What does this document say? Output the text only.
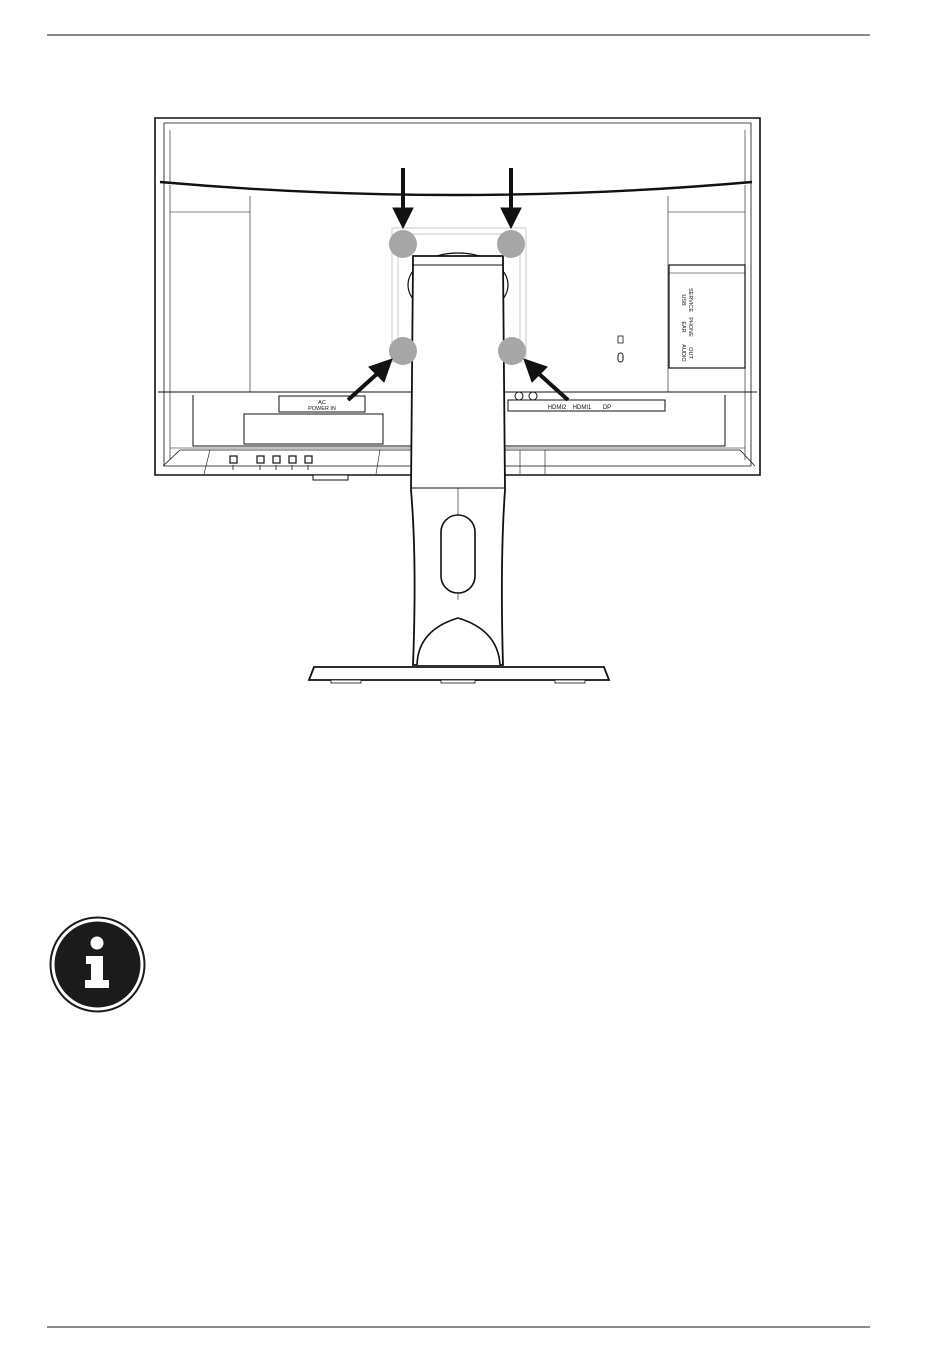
AC
POWER IN	HDMI2 HDMI1 DP
USB SERVICE
EAR PHONE
AUDIO OUT
